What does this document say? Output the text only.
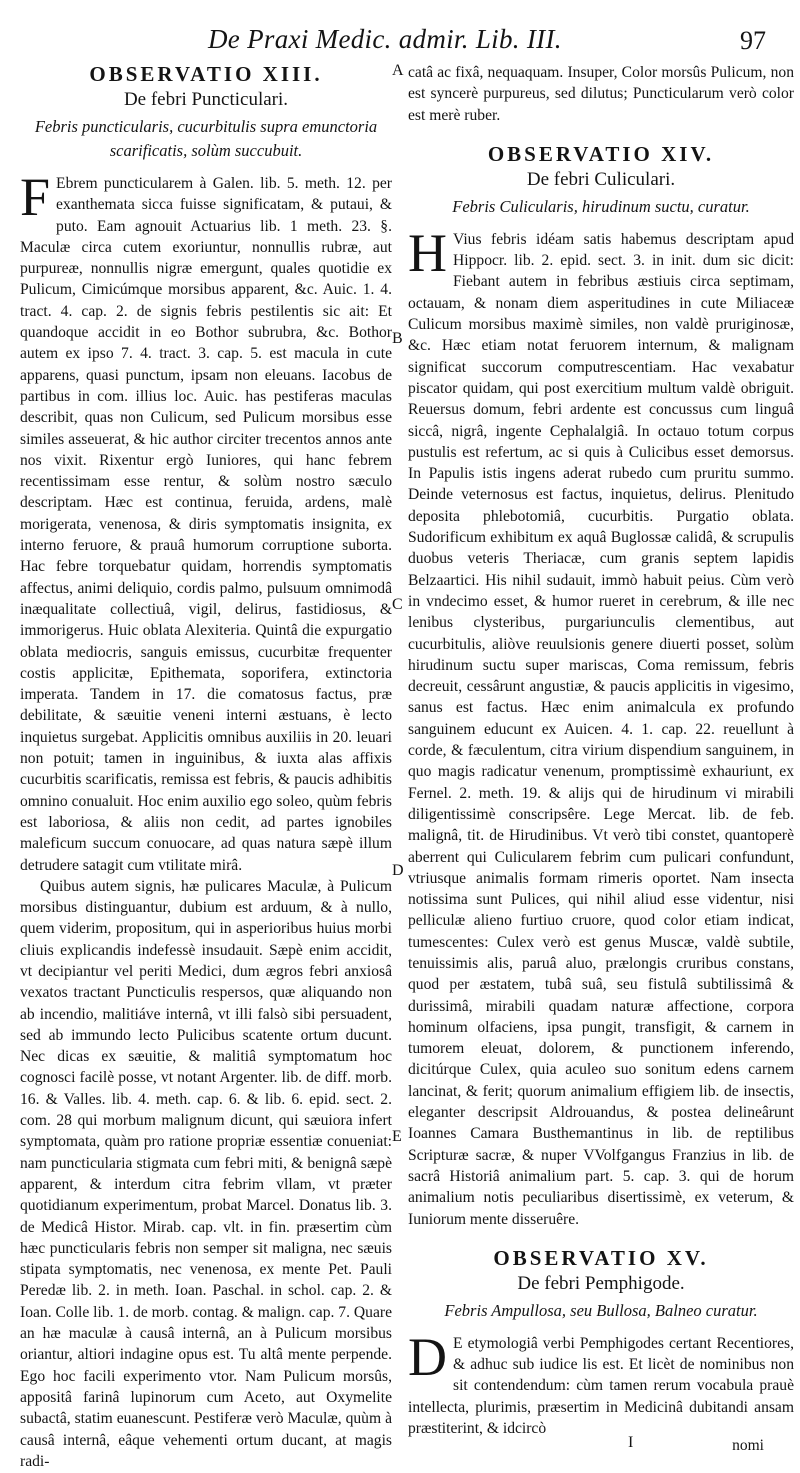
De Praxi Medic. admir. Lib. III.	97
A
B
C
D
E
OBSERVATIO XIII.
De febri Puncticulari.
Febris puncticularis, cucurbitulis supra emunctoria scarificatis, solùm succubuit.

F Ebrem puncticularem à Galen. lib. 5. meth. 12. per exanthemata sicca fuisse significatam, & putaui, & puto. Eam agnouit Actuarius lib. 1 meth. 23. §. Maculæ circa cutem exoriuntur, nonnullis rubræ, aut purpureæ, nonnullis nigræ emergunt, quales quotidie ex Pulicum, Cimicúmque morsibus apparent, &c. Auic. 1. 4. tract. 4. cap. 2. de signis febris pestilentis sic ait: Et quandoque accidit in eo Bothor subrubra, &c. Bothor autem ex ipso 7. 4. tract. 3. cap. 5. est macula in cute apparens, quasi punctum, ipsam non eleuans. Iacobus de partibus in com. illius loc. Auic. has pestiferas maculas describit, quas non Culicum, sed Pulicum morsibus esse similes asseuerat, & hic author circiter trecentos annos ante nos vixit. Rixentur ergò Iuniores, qui hanc febrem recentissimam esse rentur, & solùm nostro sæculo descriptam. Hæc est continua, feruida, ardens, malè morigerata, venenosa, & diris symptomatis insignita, ex interno feruore, & prauâ humorum corruptione suborta. Hac febre torquebatur quidam, horrendis symptomatis affectus, animi deliquio, cordis palmo, pulsuum omnimodâ inæqualitate collectiuâ, vigil, delirus, fastidiosus, & immorigerus. Huic oblata Alexiteria. Quintâ die expurgatio oblata mediocris, sanguis emissus, cucurbitæ frequenter costis applicitæ, Epithemata, soporifera, extinctoria imperata. Tandem in 17. die comatosus factus, præ debilitate, & sæuitie veneni interni æstuans, è lecto inquietus surgebat. Applicitis omnibus auxiliis in 20. leuari non potuit; tamen in inguinibus, & iuxta alas affixis cucurbitis scarificatis, remissa est febris, & paucis adhibitis omnino conualuit. Hoc enim auxilio ego soleo, quùm febris est laboriosa, & aliis non cedit, ad partes ignobiles maleficum succum conuocare, ad quas natura sæpè illum detrudere satagit cum vtilitate mirâ.

Quibus autem signis, hæ pulicares Maculæ, à Pulicum morsibus distinguantur, dubium est arduum, & à nullo, quem viderim, propositum, qui in asperioribus huius morbi cliuis explicandis indefessè insudauit. Sæpè enim accidit, vt decipiantur vel periti Medici, dum ægros febri anxiosâ vexatos tractant Puncticulis respersos, quæ aliquando non ab incendio, malitiáve internâ, vt illi falsò sibi persuadent, sed ab immundo lecto Pulicibus scatente ortum ducunt. Nec dicas ex sæuitie, & malitiâ symptomatum hoc cognosci facilè posse, vt notant Argenter. lib. de diff. morb. 16. & Valles. lib. 4. meth. cap. 6. & lib. 6. epid. sect. 2. com. 28 qui morbum malignum dicunt, qui sæuiora infert symptomata, quàm pro ratione propriæ essentiæ conueniat: nam puncticularia stigmata cum febri miti, & benignâ sæpè apparent, & interdum citra febrim vllam, vt præter quotidianum experimentum, probat Marcel. Donatus lib. 3. de Medicâ Histor. Mirab. cap. vlt. in fin. præsertim cùm hæc puncticularis febris non semper sit maligna, nec sæuis stipata symptomatis, nec venenosa, ex mente Pet. Pauli Peredæ lib. 2. in meth. Ioan. Paschal. in schol. cap. 2. & Ioan. Colle lib. 1. de morb. contag. & malign. cap. 7. Quare an hæ maculæ à causâ internâ, an à Pulicum morsibus oriantur, altiori indagine opus est. Tu altâ mente perpende. Ego hoc facili experimento vtor. Nam Pulicum morsûs, appositâ farinâ lupinorum cum Aceto, aut Oxymelite subactâ, statim euanescunt. Pestiferæ verò Maculæ, quùm à causâ internâ, eâque vehementi ortum ducant, at magis radi-

catâ ac fixâ, nequaquam. Insuper, Color morsûs Pulicum, non est syncerè purpureus, sed dilutus; Puncticularum verò color est merè ruber.

OBSERVATIO XIV.
De febri Culiculari.
Febris Culicularis, hirudinum suctu, curatur.

H Vius febris idéam satis habemus descriptam apud Hippocr. lib. 2. epid. sect. 3. in init. dum sic dicit: Fiebant autem in febribus æstiuis circa septimam, octauam, & nonam diem asperitudines in cute Miliaceæ Culicum morsibus maximè similes, non valdè pruriginosæ, &c. Hæc etiam notat feruorem internum, & malignam significat succorum computrescentiam. Hac vexabatur piscator quidam, qui post exercitium multum valdè obriguit. Reuersus domum, febri ardente est concussus cum linguâ siccâ, nigrâ, ingente Cephalalgiâ. In octauo totum corpus pustulis est refertum, ac si quis à Culicibus esset demorsus. In Papulis istis ingens aderat rubedo cum pruritu summo. Deinde veternosus est factus, inquietus, delirus. Plenitudo deposita phlebotomiâ, cucurbitis. Purgatio oblata. Sudorificum exhibitum ex aquâ Buglossæ calidâ, & scrupulis duobus veteris Theriacæ, cum granis septem lapidis Belzaartici. His nihil sudauit, immò habuit peius. Cùm verò in vndecimo esset, & humor rueret in cerebrum, & ille nec lenibus clysteribus, purgariunculis clementibus, aut cucurbitulis, aliòve reuulsionis genere diuerti posset, solùm hirudinum suctu super mariscas, Coma remissum, febris decreuit, cessârunt angustiæ, & paucis applicitis in vigesimo, sanus est factus. Hæc enim animalcula ex profundo sanguinem educunt ex Auicen. 4. 1. cap. 22. reuellunt à corde, & fæculentum, citra virium dispendium sanguinem, in quo magis radicatur venenum, promptissimè exhauriunt, ex Fernel. 2. meth. 19. & alijs qui de hirudinum vi mirabili diligentissimè conscripsêre. Lege Mercat. lib. de feb. malignâ, tit. de Hirudinibus. Vt verò tibi constet, quantoperè aberrent qui Culicularem febrim cum pulicari confundunt, vtriusque animalis formam rimeris oportet. Nam insecta notissima sunt Pulices, qui nihil aliud esse videntur, nisi pelliculæ alieno furtiuo cruore, quod color etiam indicat, tumescentes: Culex verò est genus Muscæ, valdè subtile, tenuissimis alis, paruâ aluo, prælongis cruribus constans, quod per æstatem, tubâ suâ, seu fistulâ subtilissimâ & durissimâ, mirabili quadam naturæ affectione, corpora hominum olfaciens, ipsa pungit, transfigit, & carnem in tumorem eleuat, dolorem, & punctionem inferendo, dicitúrque Culex, quia aculeo suo sonitum edens carnem lancinat, & ferit; quorum animalium effigiem lib. de insectis, eleganter descripsit Aldrouandus, & postea delineârunt Ioannes Camara Busthemantinus in lib. de reptilibus Scripturæ sacræ, & nuper VVolfgangus Franzius in lib. de sacrâ Historiâ animalium part. 5. cap. 3. qui de horum animalium notis peculiaribus disertissimè, ex veterum, & Iuniorum mente disseruêre.

OBSERVATIO XV.
De febri Pemphigode.
Febris Ampullosa, seu Bullosa, Balneo curatur.

D E etymologiâ verbi Pemphigodes certant Recentiores, & adhuc sub iudice lis est. Et licèt de nominibus non sit contendendum: cùm tamen rerum vocabula prauè intellecta, plurimis, præsertim in Medicinâ dubitandi ansam præstiterint, & idcircò

I	nomi
